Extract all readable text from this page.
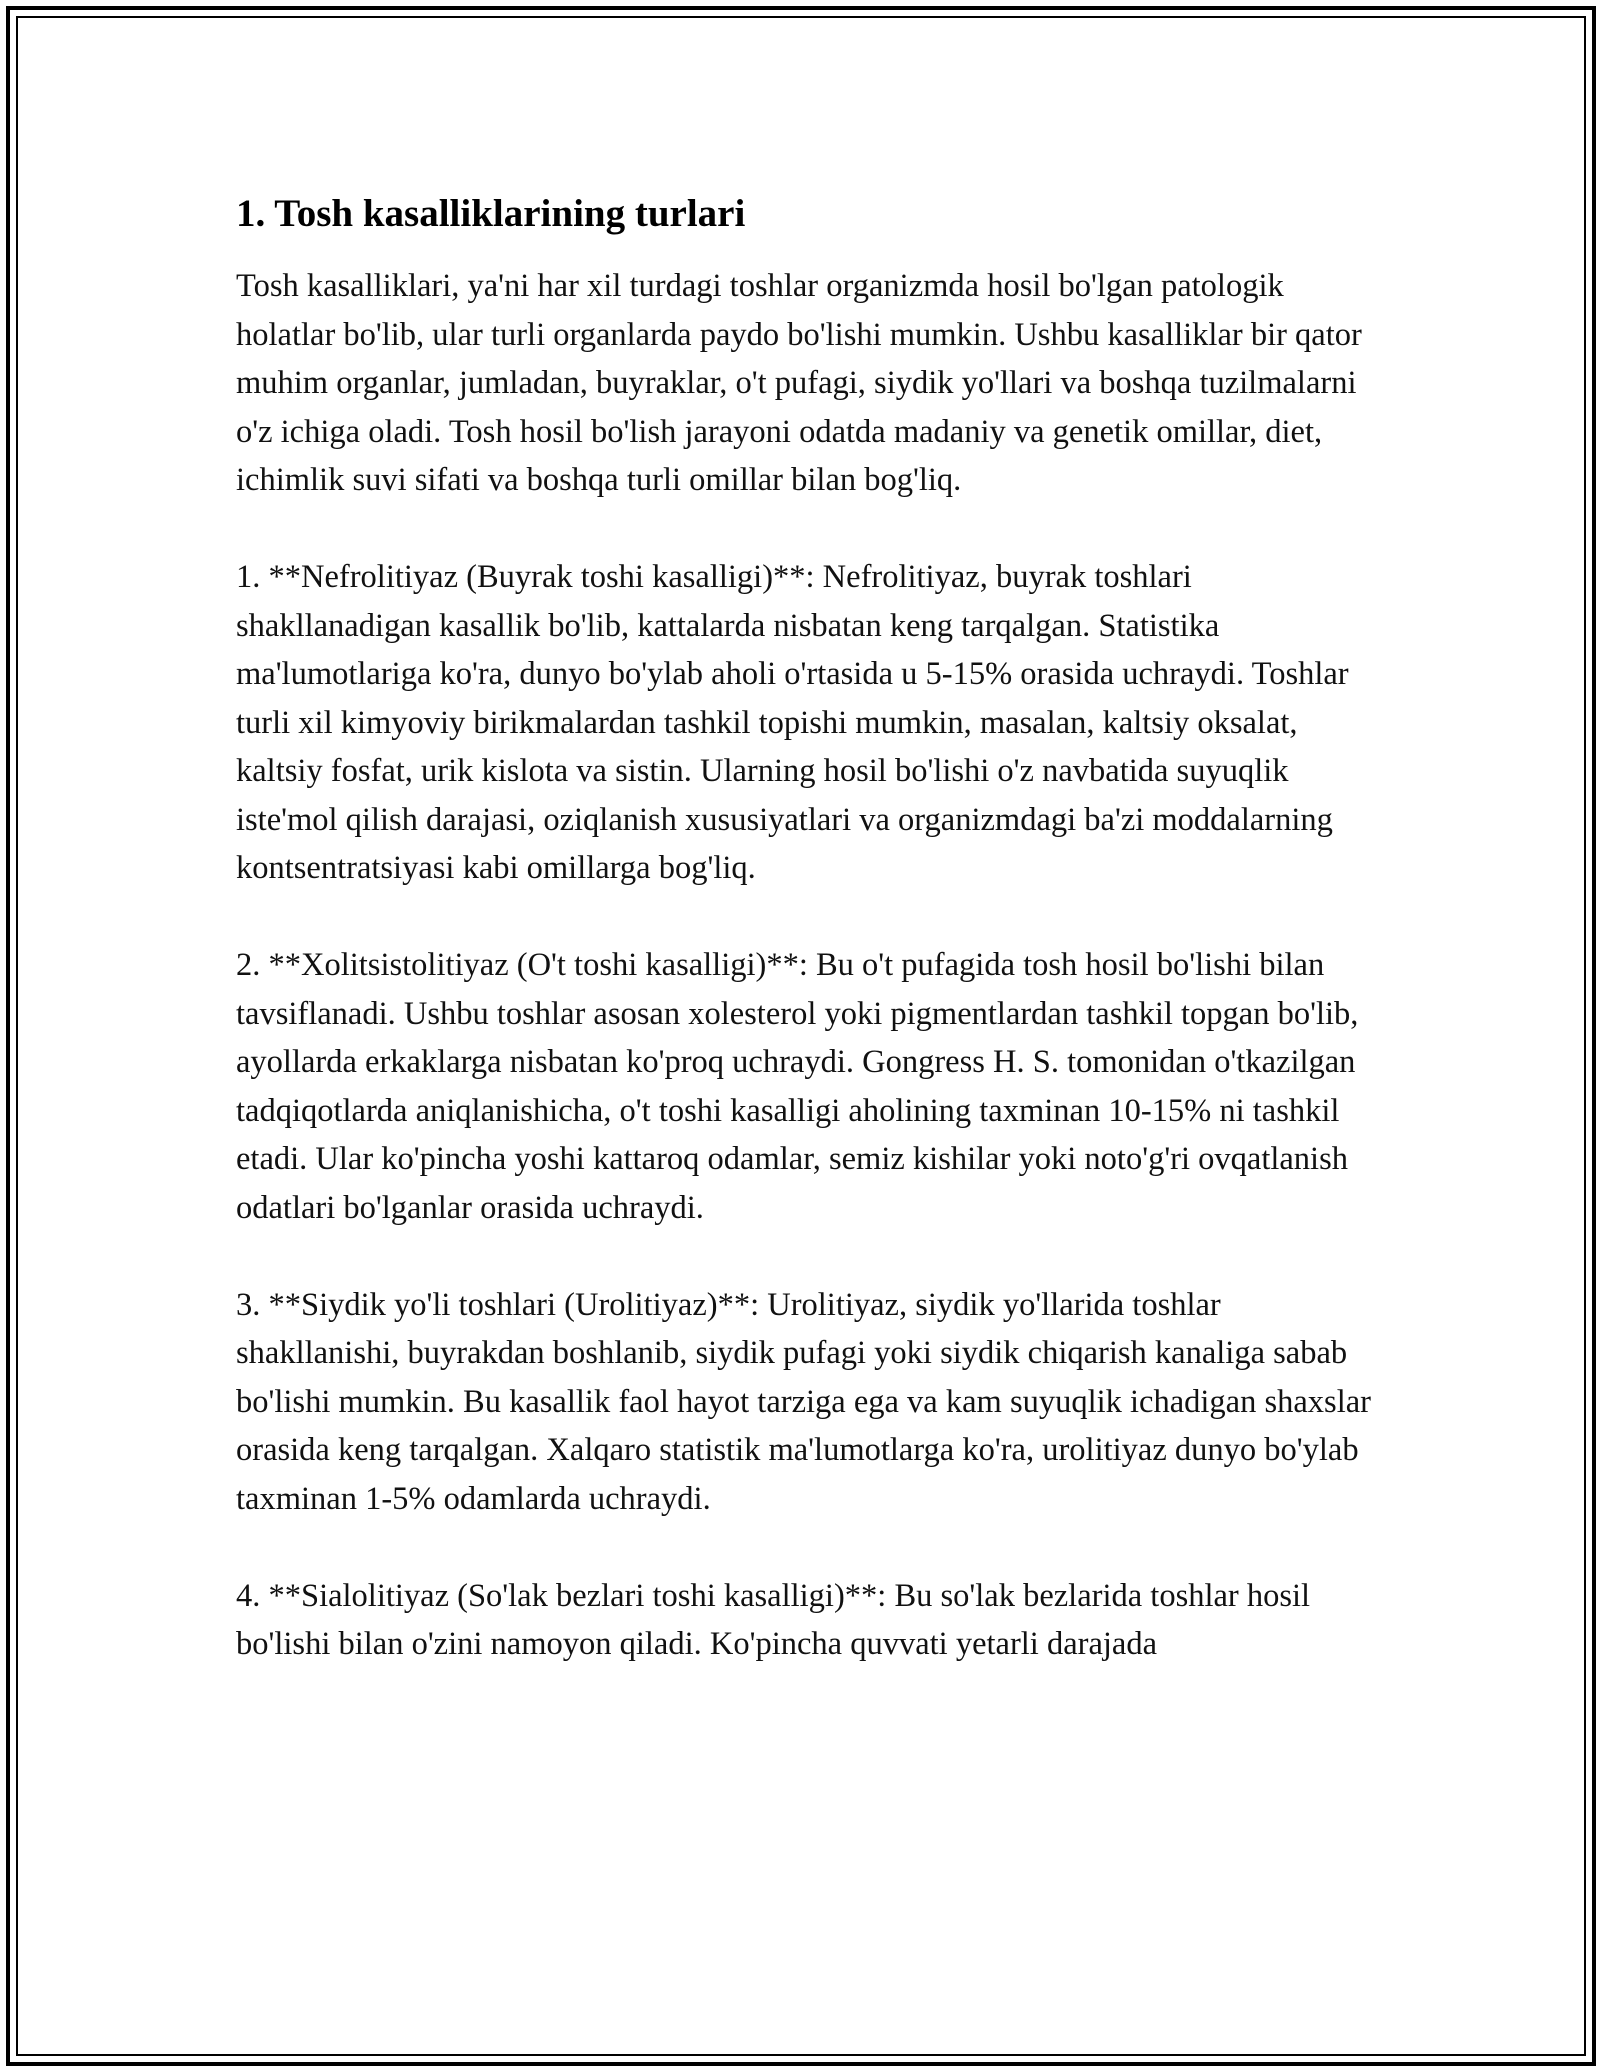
1. Tosh kasalliklarining turlari

Tosh kasalliklari, ya'ni har xil turdagi toshlar organizmda hosil bo'lgan patologik holatlar bo'lib, ular turli organlarda paydo bo'lishi mumkin. Ushbu kasalliklar bir qator muhim organlar, jumladan, buyraklar, o't pufagi, siydik yo'llari va boshqa tuzilmalarni o'z ichiga oladi. Tosh hosil bo'lish jarayoni odatda madaniy va genetik omillar, diet, ichimlik suvi sifati va boshqa turli omillar bilan bog'liq.

1. **Nefrolitiyaz (Buyrak toshi kasalligi)**: Nefrolitiyaz, buyrak toshlari shakllanadigan kasallik bo'lib, kattalarda nisbatan keng tarqalgan. Statistika ma'lumotlariga ko'ra, dunyo bo'ylab aholi o'rtasida u 5-15% orasida uchraydi. Toshlar turli xil kimyoviy birikmalardan tashkil topishi mumkin, masalan, kaltsiy oksalat, kaltsiy fosfat, urik kislota va sistin. Ularning hosil bo'lishi o'z navbatida suyuqlik iste'mol qilish darajasi, oziqlanish xususiyatlari va organizmdagi ba'zi moddalarning kontsentratsiyasi kabi omillarga bog'liq.

2. **Xolitsistolitiyaz (O't toshi kasalligi)**: Bu o't pufagida tosh hosil bo'lishi bilan tavsiflanadi. Ushbu toshlar asosan xolesterol yoki pigmentlardan tashkil topgan bo'lib, ayollarda erkaklarga nisbatan ko'proq uchraydi. Gongress H. S. tomonidan o'tkazilgan tadqiqotlarda aniqlanishicha, o't toshi kasalligi aholining taxminan 10-15% ni tashkil etadi. Ular ko'pincha yoshi kattaroq odamlar, semiz kishilar yoki noto'g'ri ovqatlanish odatlari bo'lganlar orasida uchraydi.

3. **Siydik yo'li toshlari (Urolitiyaz)**: Urolitiyaz, siydik yo'llarida toshlar shakllanishi, buyrakdan boshlanib, siydik pufagi yoki siydik chiqarish kanaliga sabab bo'lishi mumkin. Bu kasallik faol hayot tarziga ega va kam suyuqlik ichadigan shaxslar orasida keng tarqalgan. Xalqaro statistik ma'lumotlarga ko'ra, urolitiyaz dunyo bo'ylab taxminan 1-5% odamlarda uchraydi.

4. **Sialolitiyaz (So'lak bezlari toshi kasalligi)**: Bu so'lak bezlarida toshlar hosil bo'lishi bilan o'zini namoyon qiladi. Ko'pincha quvvati yetarli darajada
